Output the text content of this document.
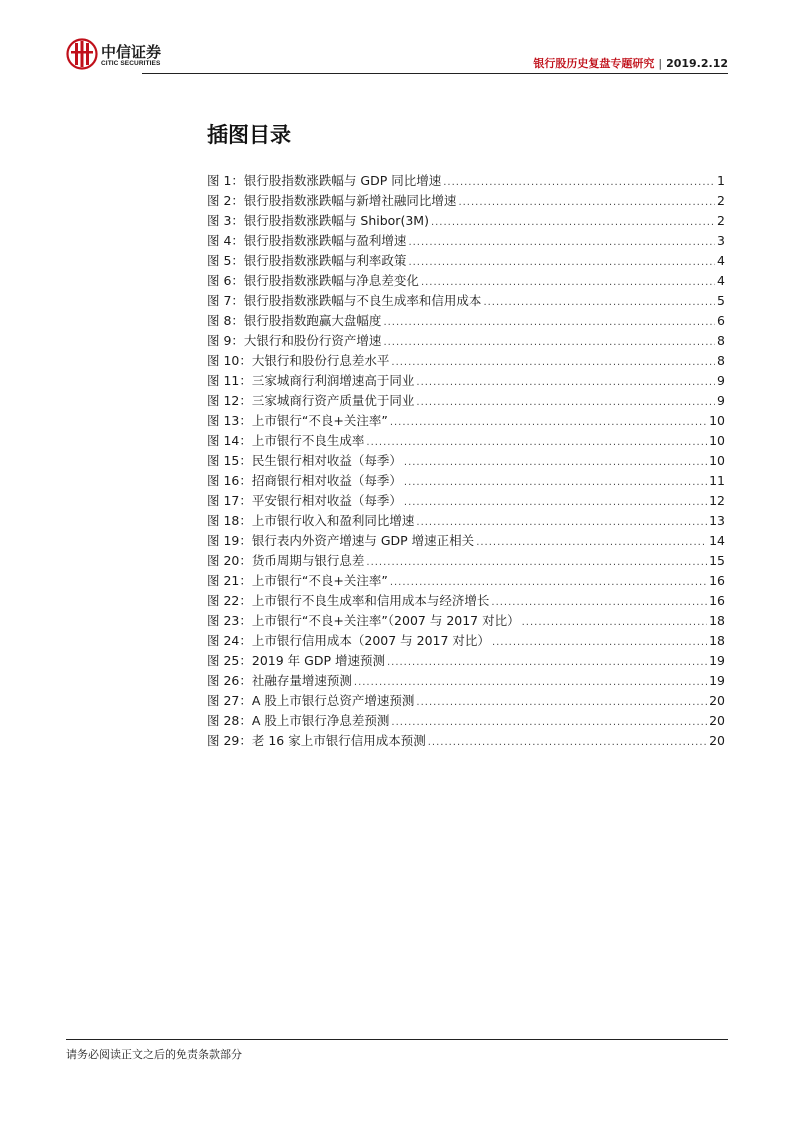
中信证券
CITIC SECURITIES	银行股历史复盘专题研究 | 2019.2.12
插图目录
图 1：银行股指数涨跌幅与 GDP 同比增速 .....	1
图 2：银行股指数涨跌幅与新增社融同比增速 .....	2
图 3：银行股指数涨跌幅与 Shibor(3M) .....	2
图 4：银行股指数涨跌幅与盈利增速 .....	3
图 5：银行股指数涨跌幅与利率政策 .....	4
图 6：银行股指数涨跌幅与净息差变化 .....	4
图 7：银行股指数涨跌幅与不良生成率和信用成本 .....	5
图 8：银行股指数跑赢大盘幅度 .....	6
图 9：大银行和股份行资产增速 .....	8
图 10：大银行和股份行息差水平 .....	8
图 11：三家城商行利润增速高于同业 .....	9
图 12：三家城商行资产质量优于同业 .....	9
图 13：上市银行“不良+关注率” .....	10
图 14：上市银行不良生成率 .....	10
图 15：民生银行相对收益（每季） .....	10
图 16：招商银行相对收益（每季） .....	11
图 17：平安银行相对收益（每季） .....	12
图 18：上市银行收入和盈利同比增速 .....	13
图 19：银行表内外资产增速与 GDP 增速正相关 .....	14
图 20：货币周期与银行息差 .....	15
图 21：上市银行“不良+关注率” .....	16
图 22：上市银行不良生成率和信用成本与经济增长 .....	16
图 23：上市银行“不良+关注率”（2007 与 2017 对比） .....	18
图 24：上市银行信用成本（2007 与 2017 对比） .....	18
图 25：2019 年 GDP 增速预测 .....	19
图 26：社融存量增速预测 .....	19
图 27：A 股上市银行总资产增速预测 .....	20
图 28：A 股上市银行净息差预测 .....	20
图 29：老 16 家上市银行信用成本预测 .....	20
请务必阅读正文之后的免责条款部分
